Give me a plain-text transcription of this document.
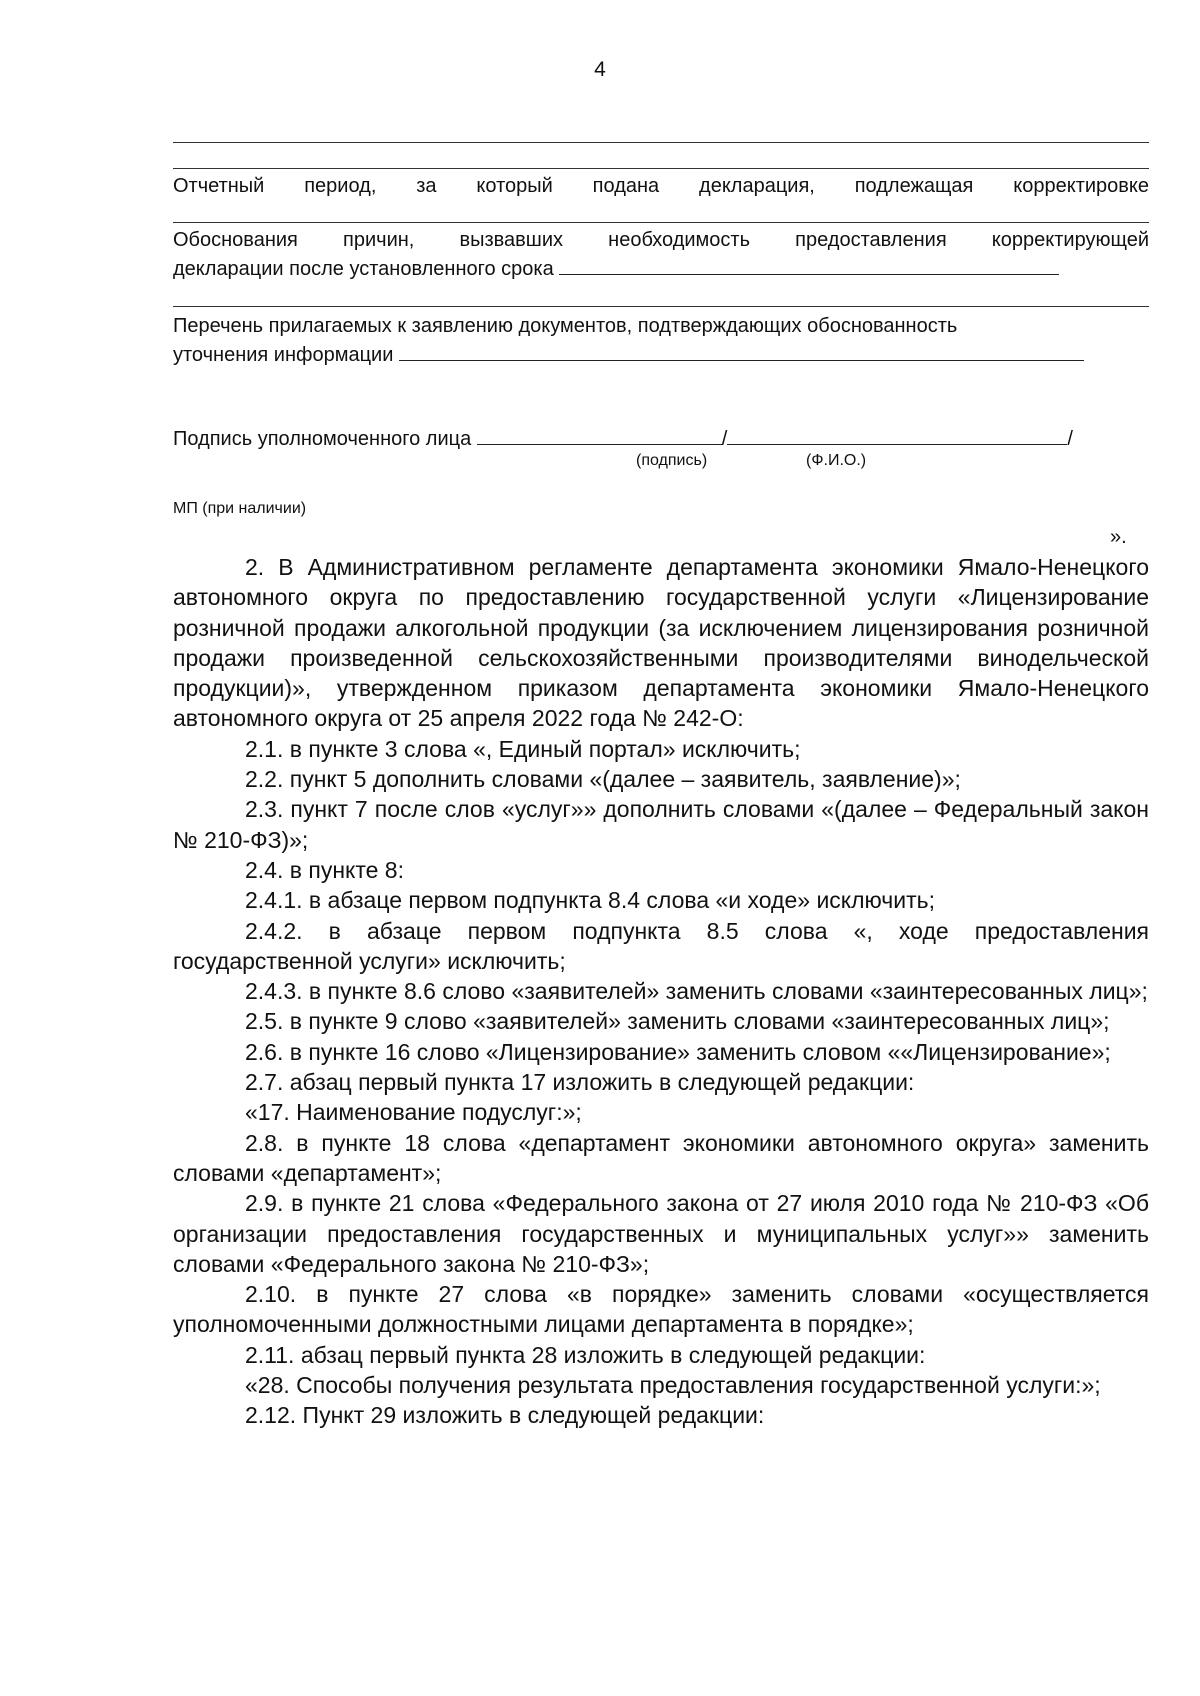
4
Отчетный период, за который подана декларация, подлежащая корректировке
Обоснования причин, вызвавших необходимость предоставления корректирующей
декларации после установленного срока
Перечень прилагаемых к заявлению документов, подтверждающих обоснованность
уточнения информации
Подпись уполномоченного лица	/	/
(подпись)	(Ф.И.О.)
МП (при наличии)
».

2. В Административном регламенте департамента экономики Ямало-Ненецкого автономного округа по предоставлению государственной услуги «Лицензирование розничной продажи алкогольной продукции (за исключением лицензирования розничной продажи произведенной сельскохозяйственными производителями винодельческой продукции)», утвержденном приказом департамента экономики Ямало-Ненецкого автономного округа от 25 апреля 2022 года № 242-О:

2.1. в пункте 3 слова «, Единый портал» исключить;

2.2. пункт 5 дополнить словами «(далее – заявитель, заявление)»;

2.3. пункт 7 после слов «услуг»» дополнить словами «(далее – Федеральный закон № 210-ФЗ)»;

2.4. в пункте 8:

2.4.1. в абзаце первом подпункта 8.4 слова «и ходе» исключить;

2.4.2. в абзаце первом подпункта 8.5 слова «, ходе предоставления государственной услуги» исключить;

2.4.3. в пункте 8.6 слово «заявителей» заменить словами «заинтересованных лиц»;

2.5. в пункте 9 слово «заявителей» заменить словами «заинтересованных лиц»;

2.6. в пункте 16 слово «Лицензирование» заменить словом ««Лицензирование»;

2.7. абзац первый пункта 17 изложить в следующей редакции:

«17. Наименование подуслуг:»;

2.8. в пункте 18 слова «департамент экономики автономного округа» заменить словами «департамент»;

2.9. в пункте 21 слова «Федерального закона от 27 июля 2010 года № 210-ФЗ «Об организации предоставления государственных и муниципальных услуг»» заменить словами «Федерального закона № 210-ФЗ»;

2.10. в пункте 27 слова «в порядке» заменить словами «осуществляется уполномоченными должностными лицами департамента в порядке»;

2.11. абзац первый пункта 28 изложить в следующей редакции:

«28. Способы получения результата предоставления государственной услуги:»;

2.12. Пункт 29 изложить в следующей редакции:
